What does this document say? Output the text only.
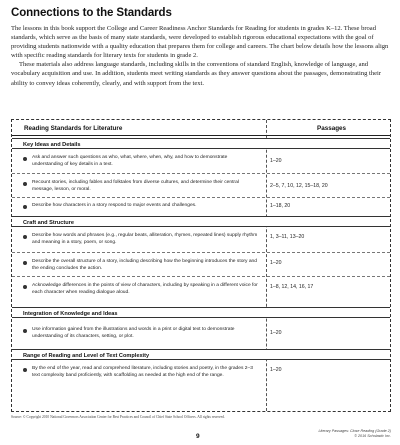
Connections to the Standards

The lessons in this book support the College and Career Readiness Anchor Standards for Reading for students in grades K–12. These broad standards, which serve as the basis of many state standards, were developed to establish rigorous educational expectations with the goal of providing students nationwide with a quality education that prepares them for college and careers. The chart below details how the lessons align with specific reading standards for literary texts for students in grade 2.

These materials also address language standards, including skills in the conventions of standard English, knowledge of language, and vocabulary acquisition and use. In addition, students meet writing standards as they answer questions about the passages, demonstrating their ability to convey ideas coherently, clearly, and with support from the text.

Reading Standards for Literature	Passages
Key Ideas and Details
Ask and answer such questions as who, what, where, when, why, and how to demonstrate understanding of key details in a text.
1–20
Recount stories, including fables and folktales from diverse cultures, and determine their central message, lesson, or moral.
2–5, 7, 10, 12, 15–18, 20
Describe how characters in a story respond to major events and challenges.	1–18, 20
Craft and Structure
Describe how words and phrases (e.g., regular beats, alliteration, rhymes, repeated lines) supply rhythm and meaning in a story, poem, or song.
1, 3–11, 13–20
Describe the overall structure of a story, including describing how the beginning introduces the story and the ending concludes the action.
1–20
Acknowledge differences in the points of view of characters, including by speaking in a different voice for each character when reading dialogue aloud.
1–8, 12, 14, 16, 17
Integration of Knowledge and Ideas
Use information gained from the illustrations and words in a print or digital text to demonstrate understanding of its characters, setting, or plot.
1–20
Range of Reading and Level of Text Complexity
By the end of the year, read and comprehend literature, including stories and poetry, in the grades 2–3 text complexity band proficiently, with scaffolding as needed at the high end of the range.
1–20
Source: © Copyright 2010 National Governors Association Center for Best Practices and Council of Chief State School Officers. All rights reserved.
9
Literary Passages: Close Reading (Grade 2)
© 2016 Scholastic Inc.
